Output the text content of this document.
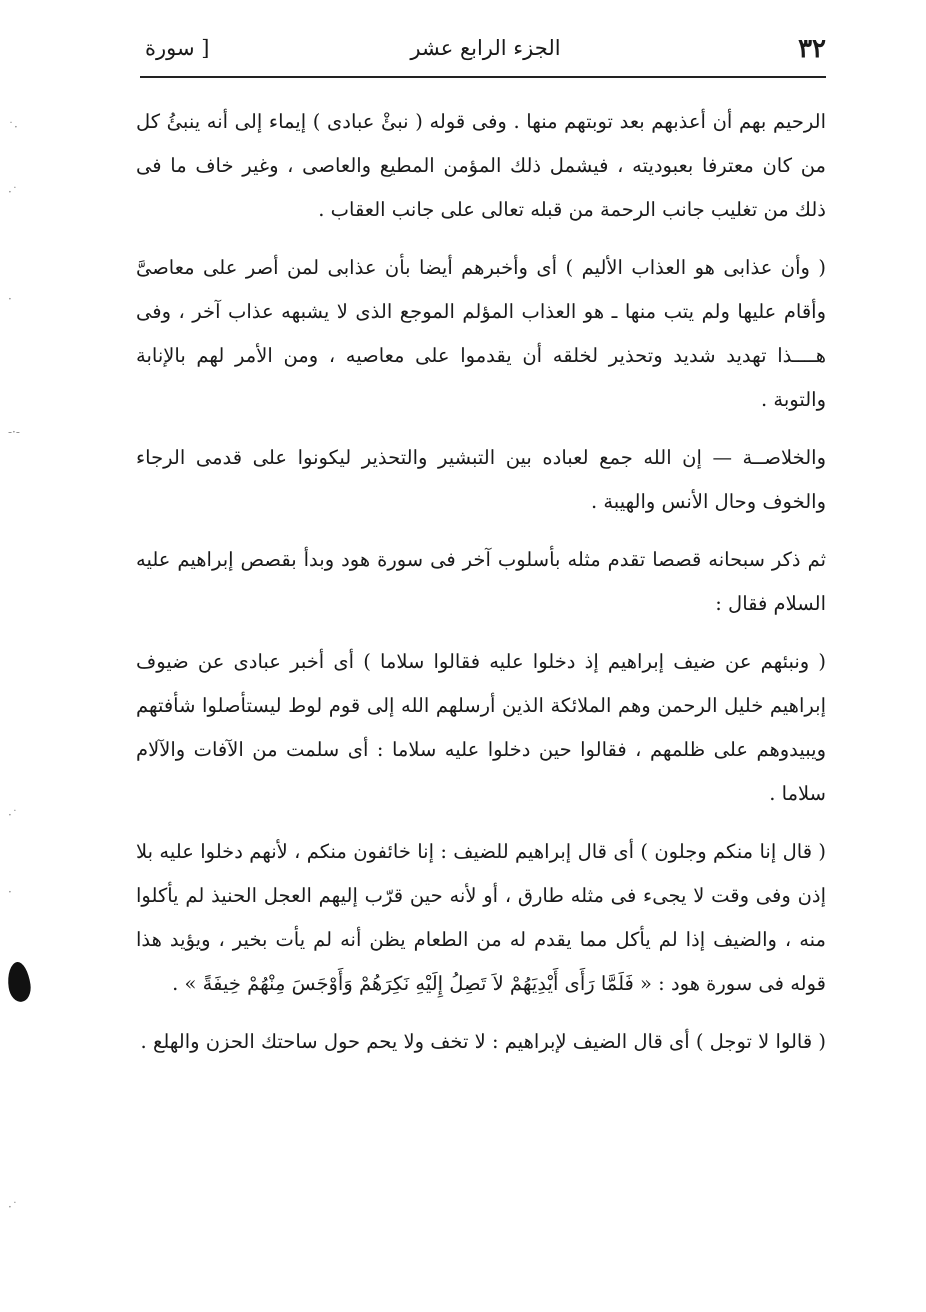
٣٢
الجزء الرابع عشر
[ سورة

الرحيم بهم أن أعذبهم بعد توبتهم منها . وفى قوله ( نبئْ عبادى ) إيماء إلى أنه ينبئُ كل من كان معترفا بعبوديته ، فيشمل ذلك المؤمن المطيع والعاصى ، وغير خاف ما فى ذلك من تغليب جانب الرحمة من قبله تعالى على جانب العقاب .

( وأن عذابى هو العذاب الأليم ) أى وأخبرهم أيضا بأن عذابى لمن أصر على معاصىَّ وأقام عليها ولم يتب منها ـ هو العذاب المؤلم الموجع الذى لا يشبهه عذاب آخر ، وفى هــــذا تهديد شديد وتحذير لخلقه أن يقدموا على معاصيه ، ومن الأمر لهم بالإنابة والتوبة .

والخلاصــة — إن الله جمع لعباده بين التبشير والتحذير ليكونوا على قدمى الرجاء والخوف وحال الأنس والهيبة .

ثم ذكر سبحانه قصصا تقدم مثله بأسلوب آخر فى سورة هود وبدأ بقصص إبراهيم عليه السلام فقال :

( ونبئهم عن ضيف إبراهيم إذ دخلوا عليه فقالوا سلاما ) أى أخبر عبادى عن ضيوف إبراهيم خليل الرحمن وهم الملائكة الذين أرسلهم الله إلى قوم لوط ليستأصلوا شأفتهم ويبيدوهم على ظلمهم ، فقالوا حين دخلوا عليه سلاما : أى سلمت من الآفات والآلام سلاما .

( قال إنا منكم وجلون ) أى قال إبراهيم للضيف : إنا خائفون منكم ، لأنهم دخلوا عليه بلا إذن وفى وقت لا يجىء فى مثله طارق ، أو لأنه حين قرّب إليهم العجل الحنيذ لم يأكلوا منه ، والضيف إذا لم يأكل مما يقدم له من الطعام يظن أنه لم يأت بخير ، ويؤيد هذا قوله فى سورة هود : « فَلَمَّا رَأَى أَيْدِيَهُمْ لاَ تَصِلُ إِلَيْهِ نَكِرَهُمْ وَأَوْجَسَ مِنْهُمْ خِيفَةً » .

( قالوا لا توجل ) أى قال الضيف لإبراهيم : لا تخف ولا يحم حول ساحتك الحزن والهلع .

˙·
·˙
·
-·-
·˙
·
·˙
